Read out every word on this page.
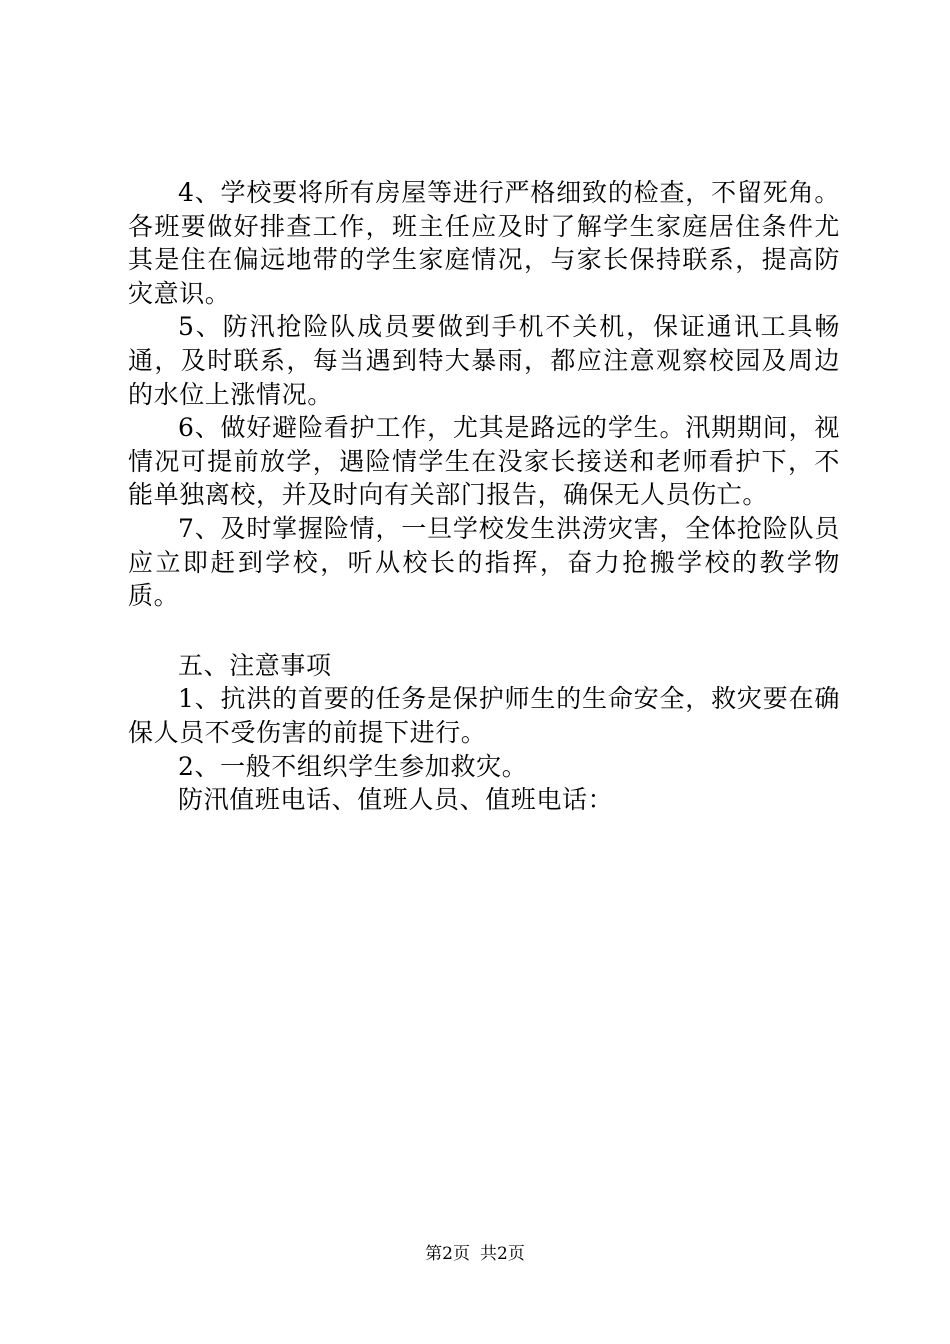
4、学校要将所有房屋等进行严格细致的检查，不留死角。各班要做好排查工作，班主任应及时了解学生家庭居住条件尤其是住在偏远地带的学生家庭情况，与家长保持联系，提高防灾意识。

5、防汛抢险队成员要做到手机不关机，保证通讯工具畅通，及时联系，每当遇到特大暴雨，都应注意观察校园及周边的水位上涨情况。

6、做好避险看护工作，尤其是路远的学生。汛期期间，视情况可提前放学，遇险情学生在没家长接送和老师看护下，不能单独离校，并及时向有关部门报告，确保无人员伤亡。

7、及时掌握险情，一旦学校发生洪涝灾害，全体抢险队员应立即赶到学校，听从校长的指挥，奋力抢搬学校的教学物质。

五、注意事项

1、抗洪的首要的任务是保护师生的生命安全，救灾要在确保人员不受伤害的前提下进行。

2、一般不组织学生参加救灾。

防汛值班电话、值班人员、值班电话：

第2页 共2页
